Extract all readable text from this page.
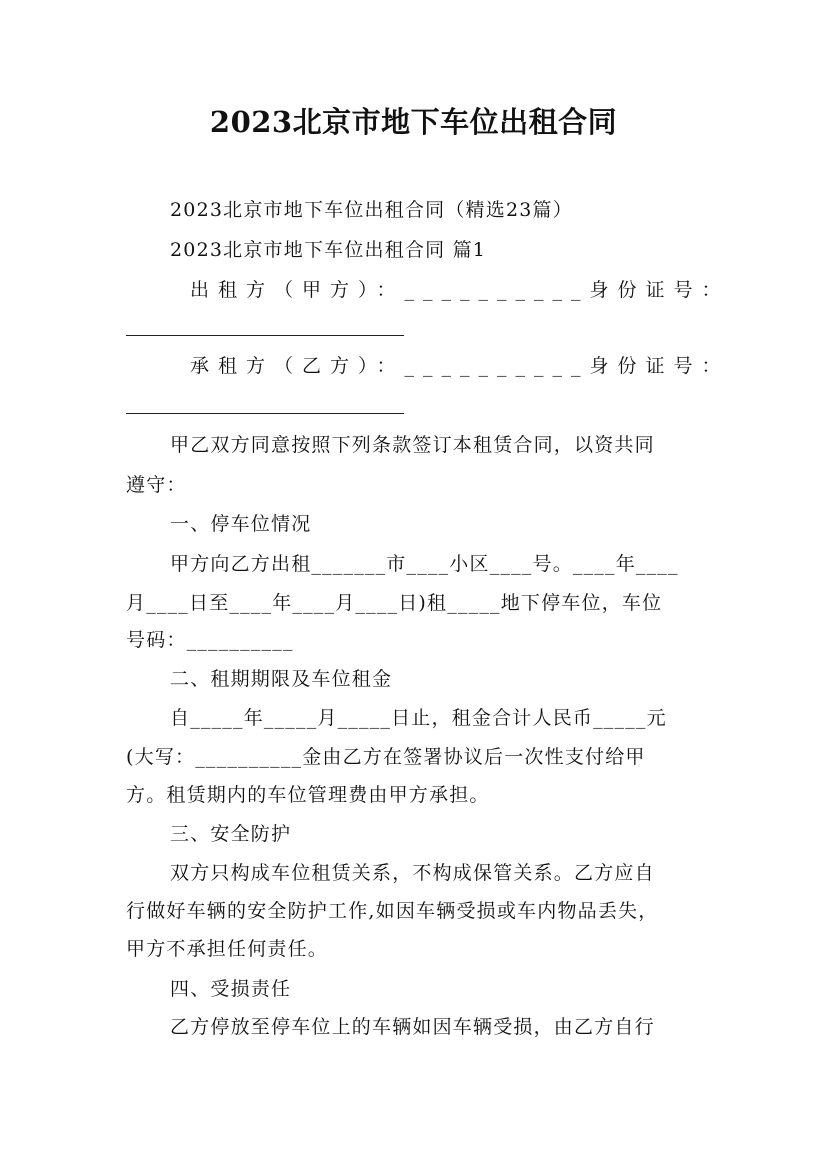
2023北京市地下车位出租合同
2023北京市地下车位出租合同（精选23篇）
2023北京市地下车位出租合同 篇1
出租方（甲方）：__________身份证号：
承租方（乙方）：__________身份证号：
甲乙双方同意按照下列条款签订本租赁合同，以资共同
遵守：
一、停车位情况
甲方向乙方出租_______市____小区____号。____年____
月____日至____年____月____日)租_____地下停车位，车位
号码：__________
二、租期期限及车位租金
自_____年_____月_____日止，租金合计人民币_____元
(大写：__________金由乙方在签署协议后一次性支付给甲
方。租赁期内的车位管理费由甲方承担。
三、安全防护
双方只构成车位租赁关系，不构成保管关系。乙方应自
行做好车辆的安全防护工作,如因车辆受损或车内物品丢失，
甲方不承担任何责任。
四、受损责任
乙方停放至停车位上的车辆如因车辆受损，由乙方自行
